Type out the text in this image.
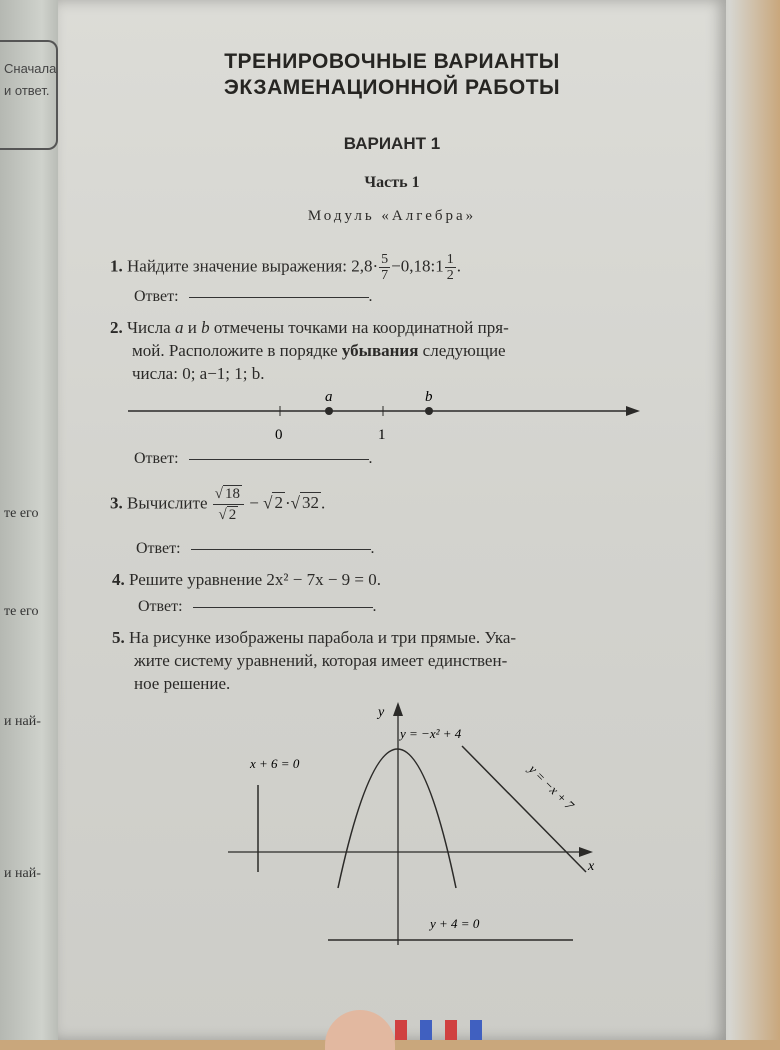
Сначала
и ответ.
те его
те его
и най-
и най-
ТРЕНИРОВОЧНЫЕ ВАРИАНТЫ
ЭКЗАМЕНАЦИОННОЙ РАБОТЫ
ВАРИАНТ 1
Часть 1
Модуль «Алгебра»
1. Найдите значение выражения: $2,8\cdot \frac{5}{7}$ −0,18:1 $\frac{1}{2}$ .
Ответ:	.
2. Числа a и b отмечены точками на координатной пря-
мой. Расположите в порядке убывания следующие
числа: 0; a−1; 1; b.
a	b
0	1
Ответ:	.
3. Вычислите $\frac{√ 18}{√ 2}$ − √ 2 ·√ 32 .
Ответ:	.
4. Решите уравнение 2x² − 7x − 9 = 0.
Ответ:	.
5. На рисунке изображены парабола и три прямые. Ука-
жите систему уравнений, которая имеет единствен-
ное решение.
y
x
y = −x² + 4
x + 6 = 0
y + 4 = 0
y = −x + 7
